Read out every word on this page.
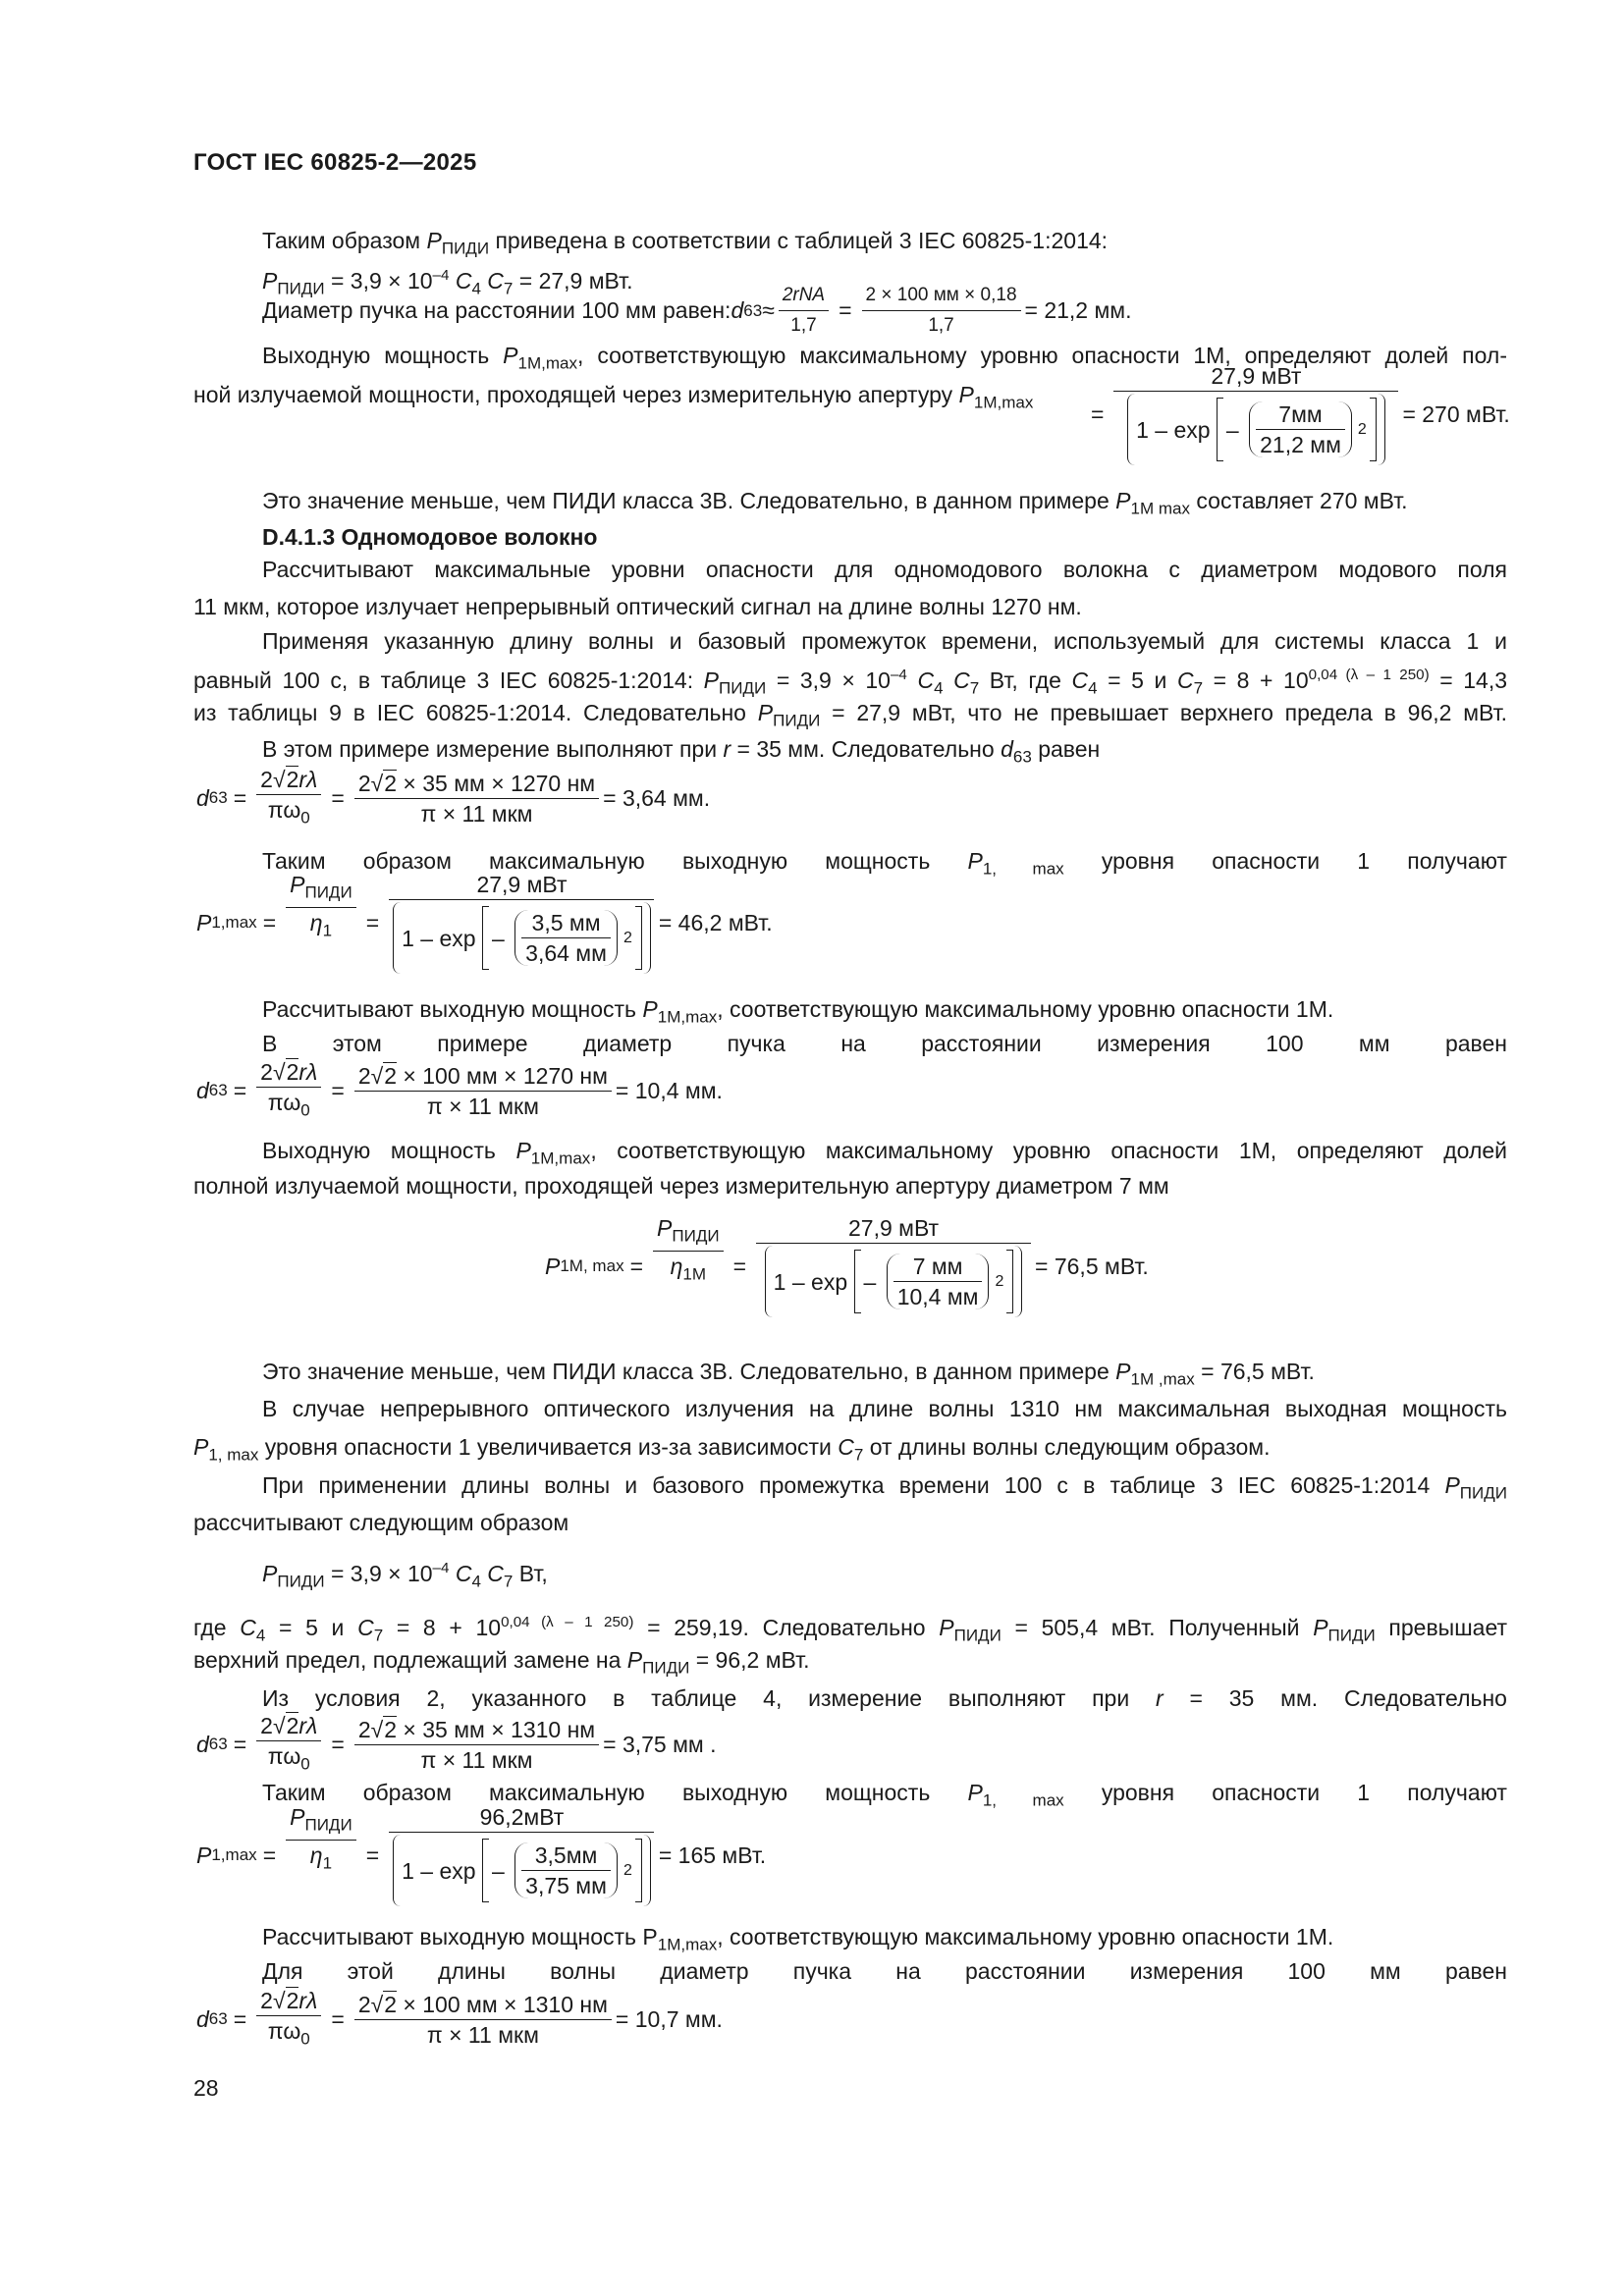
ГОСТ IEC 60825-2—2025
Таким образом $P_{ПИДИ}$ приведена в соответствии с таблицей 3 IEC 60825-1:2014:
$P_{ПИДИ} = 3,9 \times 10^{-4}$ $C_4$ $C_7 = 27,9$ мВт.
Диаметр пучка на расстоянии 100 мм равен: d $63 \approx \frac{\text{2rNA}}{1,7} = \frac{2 \times 100 мм \times 0,18}{1,7} = 21,2$ мм.
Выходную мощность $P_{1M,max}$, соответствующую максимальному уровню опасности 1М, определяют долей пол-
ной излучаемой мощности, проходящей через измерительную апертуру $P_{1M,max}$	= 27,9 мВт
1 – exp
–
$\frac{7мм}{21,2 мм} 2 = 270$ мВт.
Это значение меньше, чем ПИДИ класса 3В. Следовательно, в данном примере $P_{1M max}$ составляет 270 мВт.
D.4.1.3 Одномодовое волокно
Рассчитывают максимальные уровни опасности для одномодового волокна с диаметром модового поля
11 мкм, которое излучает непрерывный оптический сигнал на длине волны 1270 нм.
Применяя указанную длину волны и базовый промежуток времени, используемый для системы класса 1 и
равный 100 с, в таблице 3 IEC 60825-1:2014: $P_{ПИДИ} = 3,9 \times 10^{-4}$ $C_4$ $C_7$ Вт, где $C_4 = 5$ и $C_7 = 8 + 10^{0,04 (\lambda - 1 250)} = 14,3$
из таблицы 9 в IEC 60825-1:2014. Следовательно $P_{ПИДИ} = 27,9$ мВт, что не превышает верхнего предела в 96,2 мВт.
В этом примере измерение выполняют при r = 35 мм. Следовательно $d_{63}$ равен
d $63 = \frac{2√2r\lambda}{\pi\omega_0} = \frac{2√2 \times 35 мм \times 1270 нм}{\text{π × 11 мкм}} = 3,64$ мм.
Таким образом максимальную выходную мощность $P_{1, max}$ уровня опасности 1 получают
P $1,\max = \frac{P_{ПИДИ}}{\eta_1} = 27,9$ мВт
1 – exp
–
$\frac{3,5 мм}{3,64 мм} 2 = 46,2$ мВт.
Рассчитывают выходную мощность $P_{1M,max}$, соответствующую максимальному уровню опасности 1М.
В этом примере диаметр пучка на расстоянии измерения 100 мм равен
d $63 = \frac{2√2r\lambda}{\pi\omega_0} = \frac{2√2 \times 100 мм \times 1270 нм}{\text{π × 11 мкм}} = 10,4$ мм.
Выходную мощность $P_{1M,max}$, соответствующую максимальному уровню опасности 1М, определяют долей
полной излучаемой мощности, проходящей через измерительную апертуру диаметром 7 мм
P 1M, $\max = \frac{P_{ПИДИ}}{\eta_{1M}} = 27,9$ мВт
1 – exp
–
$\frac{7 мм}{10,4 мм} 2 = 76,5$ мВт.
Это значение меньше, чем ПИДИ класса 3В. Следовательно, в данном примере $P_{1M ,max} = 76,5$ мВт.
В случае непрерывного оптического излучения на длине волны 1310 нм максимальная выходная мощность
$P_{1, max}$ уровня опасности 1 увеличивается из-за зависимости $C_7$ от длины волны следующим образом.
При применении длины волны и базового промежутка времени 100 с в таблице 3 IEC 60825-1:2014 $P_{ПИДИ}$
рассчитывают следующим образом
$P_{ПИДИ} = 3,9 \times 10^{-4}$ $C_4$ $C_7$ Вт,
где $C_4 = 5$ и $C_7 = 8 + 10^{0,04 (\lambda - 1 250)} = 259,19$. Следовательно $P_{ПИДИ} = 505,4$ мВт. Полученный $P_{ПИДИ}$ превышает
верхний предел, подлежащий замене на $P_{ПИДИ} = 96,2$ мВт.
Из условия 2, указанного в таблице 4, измерение выполняют при r = 35 мм. Следовательно
d $63 = \frac{2√2r\lambda}{\pi\omega_0} = \frac{2√2 \times 35 мм \times 1310 нм}{\text{π × 11 мкм}} = 3,75$ мм .
Таким образом максимальную выходную мощность $P_{1, max}$ уровня опасности 1 получают
P $1,\max = \frac{P_{ПИДИ}}{\eta_1} = 96,2мВт$
1 – exp
–
$\frac{3,5мм}{3,75 мм} 2 = 165$ мВт.
Рассчитывают выходную мощность $P_{1M,max}$, соответствующую максимальному уровню опасности 1М.
Для этой длины волны диаметр пучка на расстоянии измерения 100 мм равен
d $63 = \frac{2√2r\lambda}{\pi\omega_0} = \frac{2√2 \times 100 мм \times 1310 нм}{\text{π × 11 мкм}} = 10,7$ мм.
28
